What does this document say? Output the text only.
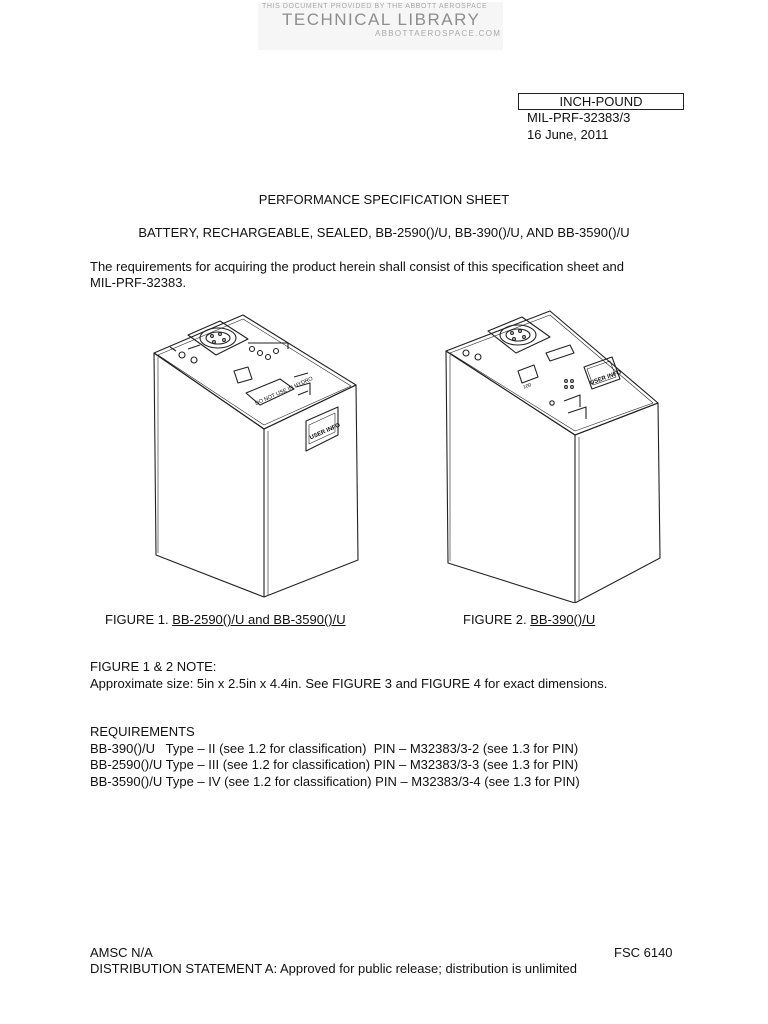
THIS DOCUMENT PROVIDED BY THE ABBOTT AEROSPACE
TECHNICAL LIBRARY
ABBOTTAEROSPACE.COM
INCH-POUND
MIL-PRF-32383/3
16 June, 2011
PERFORMANCE SPECIFICATION SHEET
BATTERY, RECHARGEABLE, SEALED, BB-2590()/U, BB-390()/U, AND BB-3590()/U
The requirements for acquiring the product herein shall consist of this specification sheet and
MIL-PRF-32383.
DO NOT USE IN HYDRO
USER INFO
USER INFO
100
FIGURE 1. BB-2590()/U and BB-3590()/U	FIGURE 2. BB-390()/U
FIGURE 1 & 2 NOTE:
Approximate size: 5in x 2.5in x 4.4in. See FIGURE 3 and FIGURE 4 for exact dimensions.
REQUIREMENTS
BB-390()/U   Type – II (see 1.2 for classification)  PIN – M32383/3-2 (see 1.3 for PIN)
BB-2590()/U Type – III (see 1.2 for classification) PIN – M32383/3-3 (see 1.3 for PIN)
BB-3590()/U Type – IV (see 1.2 for classification) PIN – M32383/3-4 (see 1.3 for PIN)
AMSC N/A	FSC 6140
DISTRIBUTION STATEMENT A: Approved for public release; distribution is unlimited
